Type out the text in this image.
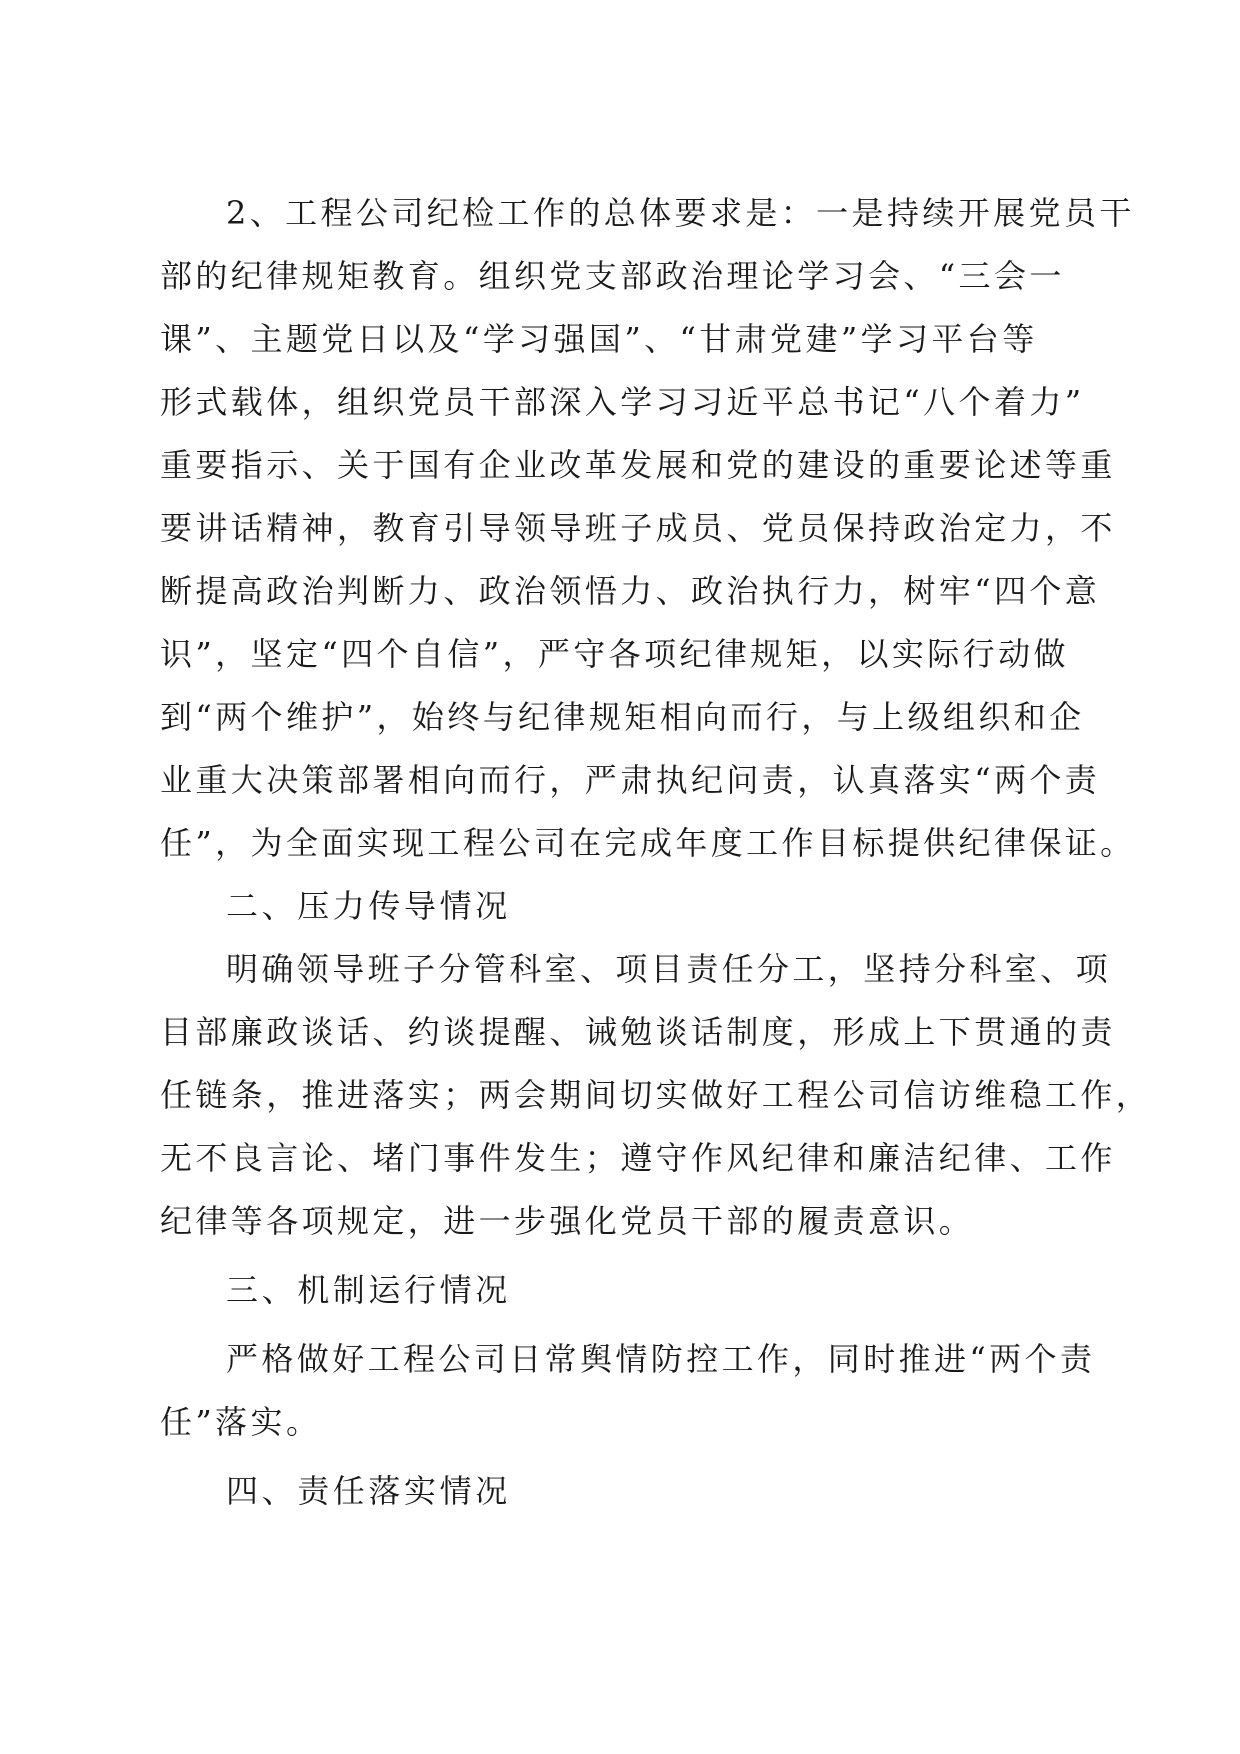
2、工程公司纪检工作的总体要求是：一是持续开展党员干
部的纪律规矩教育。组织党支部政治理论学习会、“三会一
课”、主题党日以及“学习强国”、“甘肃党建”学习平台等
形式载体，组织党员干部深入学习习近平总书记“八个着力”
重要指示、关于国有企业改革发展和党的建设的重要论述等重
要讲话精神，教育引导领导班子成员、党员保持政治定力，不
断提高政治判断力、政治领悟力、政治执行力，树牢“四个意
识”，坚定“四个自信”，严守各项纪律规矩，以实际行动做
到“两个维护”，始终与纪律规矩相向而行，与上级组织和企
业重大决策部署相向而行，严肃执纪问责，认真落实“两个责
任”，为全面实现工程公司在完成年度工作目标提供纪律保证。
二、压力传导情况
明确领导班子分管科室、项目责任分工，坚持分科室、项
目部廉政谈话、约谈提醒、诫勉谈话制度，形成上下贯通的责
任链条，推进落实；两会期间切实做好工程公司信访维稳工作，
无不良言论、堵门事件发生；遵守作风纪律和廉洁纪律、工作
纪律等各项规定，进一步强化党员干部的履责意识。
三、机制运行情况
严格做好工程公司日常舆情防控工作，同时推进“两个责
任”落实。
四、责任落实情况
